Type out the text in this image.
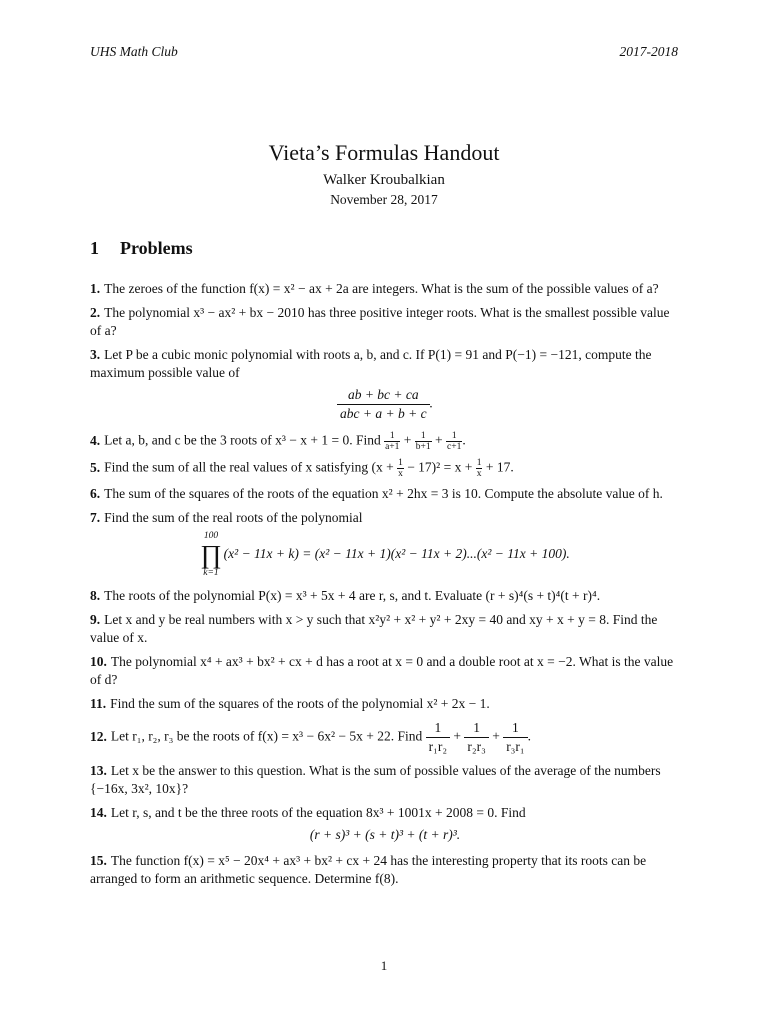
UHS Math Club	2017-2018
Vieta’s Formulas Handout
Walker Kroubalkian
November 28, 2017
1 Problems
1. The zeroes of the function f(x) = x² − ax + 2a are integers. What is the sum of the possible values of a?
2. The polynomial x³ − ax² + bx − 2010 has three positive integer roots. What is the smallest possible value of a?
3. Let P be a cubic monic polynomial with roots a, b, and c. If P(1) = 91 and P(−1) = −121, compute the maximum possible value of
$\frac{ab + bc + ca}{\text{abc + a + b + c}}$ .
4. Let a, b, and c be the 3 roots of x³ − x + 1 = 0. Find $\frac{1}{a+1} + \frac{1}{b+1} + \frac{1}{c+1}$ .
5. Find the sum of all the real values of x satisfying $(x + \frac{1}{x} - 17)^2 = x + \frac{1}{x} + 17$.
6. The sum of the squares of the roots of the equation x² + 2hx = 3 is 10. Compute the absolute value of h.
7. Find the sum of the real roots of the polynomial
100
∏
k=1
(x² − 11x + k) = (x² − 11x + 1)(x² − 11x + 2)...(x² − 11x + 100).
8. The roots of the polynomial P(x) = x³ + 5x + 4 are r, s, and t. Evaluate (r + s)⁴(s + t)⁴(t + r)⁴.
9. Let x and y be real numbers with x > y such that x²y² + x² + y² + 2xy = 40 and xy + x + y = 8. Find the value of x.
10. The polynomial x⁴ + ax³ + bx² + cx + d has a root at x = 0 and a double root at x = −2. What is the value of d?
11. Find the sum of the squares of the roots of the polynomial x² + 2x − 1.
12. Let r₁, r₂, r₃ be the roots of f(x) = x³ − 6x² − 5x + 22. Find $\frac{1}{\text{r₁r₂}} + \frac{1}{\text{r₂r₃}} + \frac{1}{\text{r₃r₁}}$ .
13. Let x be the answer to this question. What is the sum of possible values of the average of the numbers {−16x, 3x², 10x}?
14. Let r, s, and t be the three roots of the equation 8x³ + 1001x + 2008 = 0. Find
(r + s)³ + (s + t)³ + (t + r)³.
15. The function f(x) = x⁵ − 20x⁴ + ax³ + bx² + cx + 24 has the interesting property that its roots can be arranged to form an arithmetic sequence. Determine f(8).
1
